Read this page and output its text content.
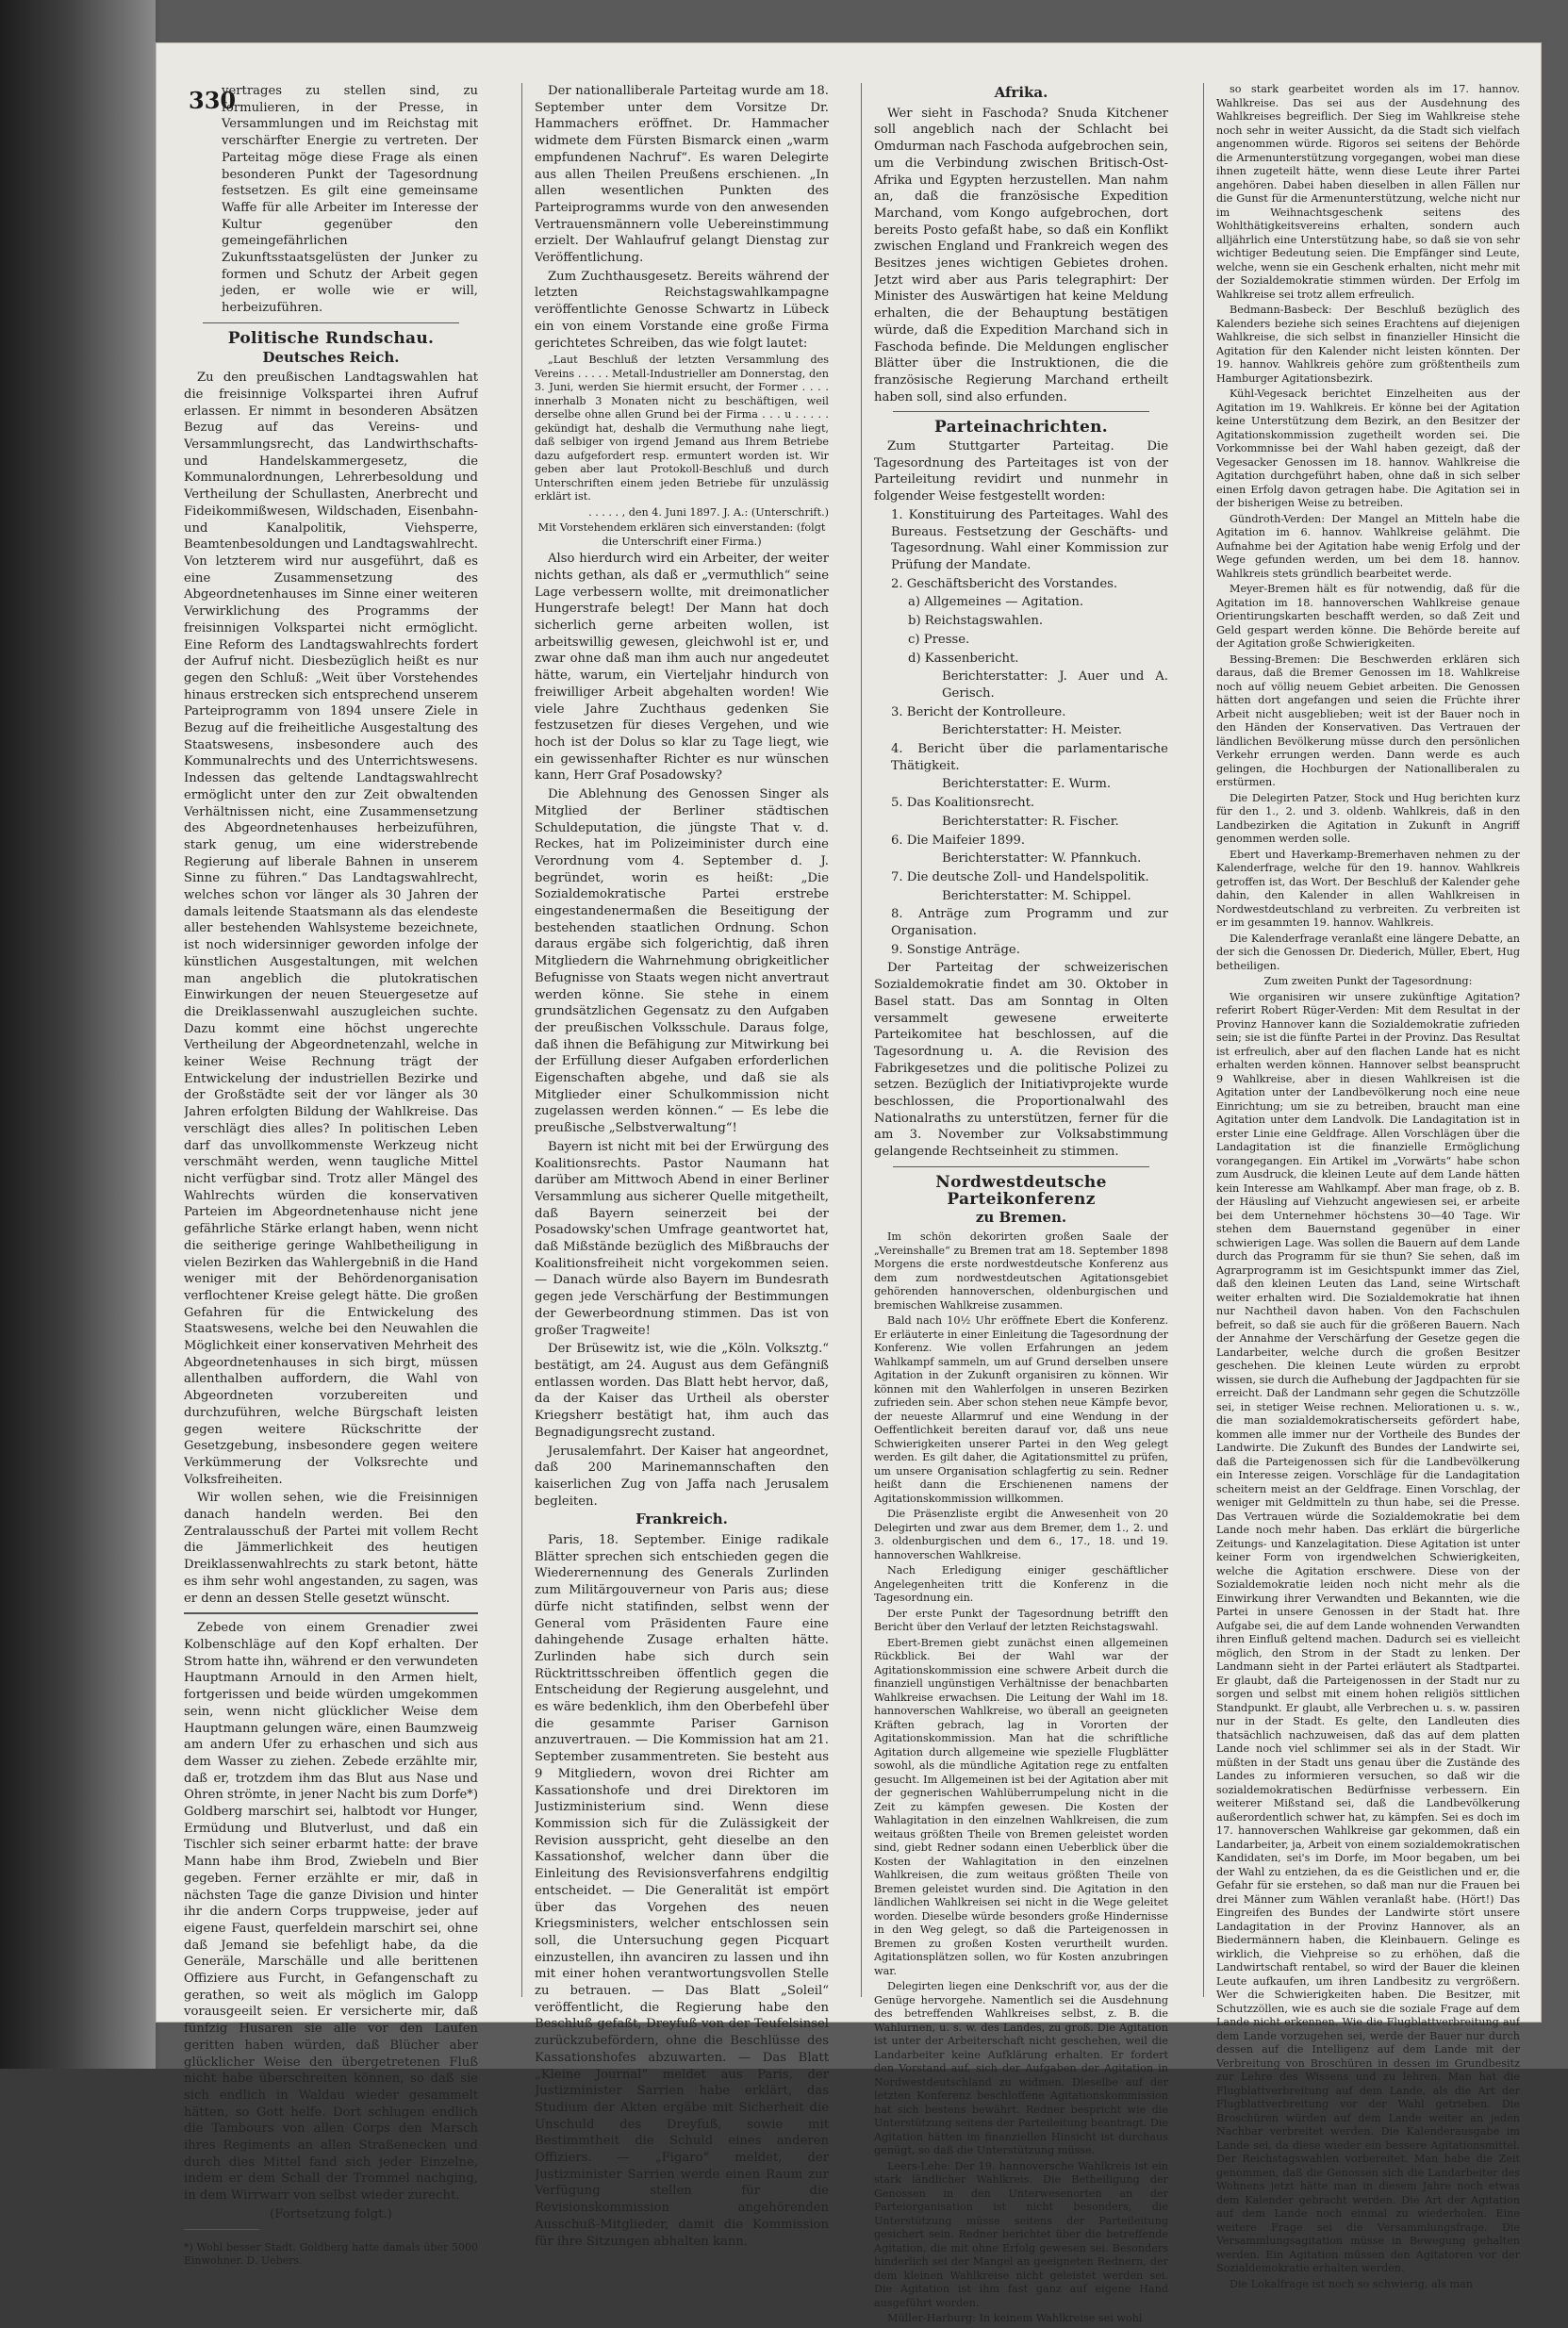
330

vertrages zu stellen sind, zu formulieren, in der Presse, in Versammlungen und im Reichstag mit verschärfter Energie zu vertreten. Der Parteitag möge diese Frage als einen besonderen Punkt der Tagesordnung festsetzen. Es gilt eine gemeinsame Waffe für alle Arbeiter im Interesse der Kultur gegenüber den gemeingefährlichen Zukunftsstaatsgelüsten der Junker zu formen und Schutz der Arbeit gegen jeden, er wolle wie er will, herbeizuführen.

Politische Rundschau.
Deutsches Reich.

Zu den preußischen Landtagswahlen hat die freisinnige Volkspartei ihren Aufruf erlassen. Er nimmt in besonderen Absätzen Bezug auf das Vereins- und Versammlungsrecht, das Landwirthschafts- und Handelskammergesetz, die Kommunalordnungen, Lehrerbesoldung und Vertheilung der Schullasten, Anerbrecht und Fideikommißwesen, Wildschaden, Eisenbahn- und Kanalpolitik, Viehsperre, Beamtenbesoldungen und Landtagswahlrecht. Von letzterem wird nur ausgeführt, daß es eine Zusammensetzung des Abgeordnetenhauses im Sinne einer weiteren Verwirklichung des Programms der freisinnigen Volkspartei nicht ermöglicht. Eine Reform des Landtagswahlrechts fordert der Aufruf nicht. Diesbezüglich heißt es nur gegen den Schluß: „Weit über Vorstehendes hinaus erstrecken sich entsprechend unserem Parteiprogramm von 1894 unsere Ziele in Bezug auf die freiheitliche Ausgestaltung des Staatswesens, insbesondere auch des Kommunalrechts und des Unterrichtswesens. Indessen das geltende Landtagswahlrecht ermöglicht unter den zur Zeit obwaltenden Verhältnissen nicht, eine Zusammensetzung des Abgeordnetenhauses herbeizuführen, stark genug, um eine widerstrebende Regierung auf liberale Bahnen in unserem Sinne zu führen.“ Das Landtagswahlrecht, welches schon vor länger als 30 Jahren der damals leitende Staatsmann als das elendeste aller bestehenden Wahlsysteme bezeichnete, ist noch widersinniger geworden infolge der künstlichen Ausgestaltungen, mit welchen man angeblich die plutokratischen Einwirkungen der neuen Steuergesetze auf die Dreiklassenwahl auszugleichen suchte. Dazu kommt eine höchst ungerechte Vertheilung der Abgeordnetenzahl, welche in keiner Weise Rechnung trägt der Entwickelung der industriellen Bezirke und der Großstädte seit der vor länger als 30 Jahren erfolgten Bildung der Wahlkreise. Das verschlägt dies alles? In politischen Leben darf das unvollkommenste Werkzeug nicht verschmäht werden, wenn taugliche Mittel nicht verfügbar sind. Trotz aller Mängel des Wahlrechts würden die konservativen Parteien im Abgeordnetenhause nicht jene gefährliche Stärke erlangt haben, wenn nicht die seitherige geringe Wahlbetheiligung in vielen Bezirken das Wahlergebniß in die Hand weniger mit der Behördenorganisation verflochtener Kreise gelegt hätte. Die großen Gefahren für die Entwickelung des Staatswesens, welche bei den Neuwahlen die Möglichkeit einer konservativen Mehrheit des Abgeordnetenhauses in sich birgt, müssen allenthalben auffordern, die Wahl von Abgeordneten vorzubereiten und durchzuführen, welche Bürgschaft leisten gegen weitere Rückschritte der Gesetzgebung, insbesondere gegen weitere Verkümmerung der Volksrechte und Volksfreiheiten.

Wir wollen sehen, wie die Freisinnigen danach handeln werden. Bei den Zentralausschuß der Partei mit vollem Recht die Jämmerlichkeit des heutigen Dreiklassenwahlrechts zu stark betont, hätte es ihm sehr wohl angestanden, zu sagen, was er denn an dessen Stelle gesetzt wünscht.

Zebede von einem Grenadier zwei Kolbenschläge auf den Kopf erhalten. Der Strom hatte ihn, während er den verwundeten Hauptmann Arnould in den Armen hielt, fortgerissen und beide würden umgekommen sein, wenn nicht glücklicher Weise dem Hauptmann gelungen wäre, einen Baumzweig am andern Ufer zu erhaschen und sich aus dem Wasser zu ziehen. Zebede erzählte mir, daß er, trotzdem ihm das Blut aus Nase und Ohren strömte, in jener Nacht bis zum Dorfe*) Goldberg marschirt sei, halbtodt vor Hunger, Ermüdung und Blutverlust, und daß ein Tischler sich seiner erbarmt hatte: der brave Mann habe ihm Brod, Zwiebeln und Bier gegeben. Ferner erzählte er mir, daß in nächsten Tage die ganze Division und hinter ihr die andern Corps truppweise, jeder auf eigene Faust, querfeldein marschirt sei, ohne daß Jemand sie befehligt habe, da die Generäle, Marschälle und alle berittenen Offiziere aus Furcht, in Gefangenschaft zu gerathen, so weit als möglich im Galopp vorausgeeilt seien. Er versicherte mir, daß fünfzig Husaren sie alle vor den Laufen geritten haben würden, daß Blücher aber glücklicher Weise den übergetretenen Fluß nicht habe überschreiten können, so daß sie sich endlich in Waldau wieder gesammelt hätten, so Gott helfe. Dort schlugen endlich die Tambours von allen Corps den Marsch ihres Regiments an allen Straßenecken und durch dies Mittel fand sich jeder Einzelne, indem er dem Schall der Trommel nachging, in dem Wirrwarr von selbst wieder zurecht.

(Fortsetzung folgt.)

*) Wohl besser Stadt. Goldberg hatte damals über 5000 Einwohner. D. Uebers.

Der nationalliberale Parteitag wurde am 18. September unter dem Vorsitze Dr. Hammachers eröffnet. Dr. Hammacher widmete dem Fürsten Bismarck einen „warm empfundenen Nachruf“. Es waren Delegirte aus allen Theilen Preußens erschienen. „In allen wesentlichen Punkten des Parteiprogramms wurde von den anwesenden Vertrauensmännern volle Uebereinstimmung erzielt. Der Wahlaufruf gelangt Dienstag zur Veröffentlichung.

Zum Zuchthausgesetz. Bereits während der letzten Reichstagswahlkampagne veröffentlichte Genosse Schwartz in Lübeck ein von einem Vorstande eine große Firma gerichtetes Schreiben, das wie folgt lautet:

„Laut Beschluß der letzten Versammlung des Vereins . . . . . Metall-Industrieller am Donnerstag, den 3. Juni, werden Sie hiermit ersucht, der Former . . . . innerhalb 3 Monaten nicht zu beschäftigen, weil derselbe ohne allen Grund bei der Firma . . . u . . . . . gekündigt hat, deshalb die Vermuthung nahe liegt, daß selbiger von irgend Jemand aus Ihrem Betriebe dazu aufgefordert resp. ermuntert worden ist. Wir geben aber laut Protokoll-Beschluß und durch Unterschriften einem jeden Betriebe für unzulässig erklärt ist.

. . . . . , den 4. Juni 1897. J. A.: (Unterschrift.)

Mit Vorstehendem erklären sich einverstanden: (folgt die Unterschrift einer Firma.)

Also hierdurch wird ein Arbeiter, der weiter nichts gethan, als daß er „vermuthlich“ seine Lage verbessern wollte, mit dreimonatlicher Hungerstrafe belegt! Der Mann hat doch sicherlich gerne arbeiten wollen, ist arbeitswillig gewesen, gleichwohl ist er, und zwar ohne daß man ihm auch nur angedeutet hätte, warum, ein Vierteljahr hindurch von freiwilliger Arbeit abgehalten worden! Wie viele Jahre Zuchthaus gedenken Sie festzusetzen für dieses Vergehen, und wie hoch ist der Dolus so klar zu Tage liegt, wie ein gewissenhafter Richter es nur wünschen kann, Herr Graf Posadowsky?

Die Ablehnung des Genossen Singer als Mitglied der Berliner städtischen Schuldeputation, die jüngste That v. d. Reckes, hat im Polizeiminister durch eine Verordnung vom 4. September d. J. begründet, worin es heißt: „Die Sozialdemokratische Partei erstrebe eingestandenermaßen die Beseitigung der bestehenden staatlichen Ordnung. Schon daraus ergäbe sich folgerichtig, daß ihren Mitgliedern die Wahrnehmung obrigkeitlicher Befugnisse von Staats wegen nicht anvertraut werden könne. Sie stehe in einem grundsätzlichen Gegensatz zu den Aufgaben der preußischen Volksschule. Daraus folge, daß ihnen die Befähigung zur Mitwirkung bei der Erfüllung dieser Aufgaben erforderlichen Eigenschaften abgehe, und daß sie als Mitglieder einer Schulkommission nicht zugelassen werden können.“ — Es lebe die preußische „Selbstverwaltung“!

Bayern ist nicht mit bei der Erwürgung des Koalitionsrechts. Pastor Naumann hat darüber am Mittwoch Abend in einer Berliner Versammlung aus sicherer Quelle mitgetheilt, daß Bayern seinerzeit bei der Posadowsky'schen Umfrage geantwortet hat, daß Mißstände bezüglich des Mißbrauchs der Koalitionsfreiheit nicht vorgekommen seien. — Danach würde also Bayern im Bundesrath gegen jede Verschärfung der Bestimmungen der Gewerbeordnung stimmen. Das ist von großer Tragweite!

Der Brüsewitz ist, wie die „Köln. Volksztg.“ bestätigt, am 24. August aus dem Gefängniß entlassen worden. Das Blatt hebt hervor, daß, da der Kaiser das Urtheil als oberster Kriegsherr bestätigt hat, ihm auch das Begnadigungsrecht zustand.

Jerusalemfahrt. Der Kaiser hat angeordnet, daß 200 Marinemannschaften den kaiserlichen Zug von Jaffa nach Jerusalem begleiten.

Frankreich.

Paris, 18. September. Einige radikale Blätter sprechen sich entschieden gegen die Wiederernennung des Generals Zurlinden zum Militärgouverneur von Paris aus; diese dürfe nicht statifinden, selbst wenn der General vom Präsidenten Faure eine dahingehende Zusage erhalten hätte. Zurlinden habe sich durch sein Rücktrittsschreiben öffentlich gegen die Entscheidung der Regierung ausgelehnt, und es wäre bedenklich, ihm den Oberbefehl über die gesammte Pariser Garnison anzuvertrauen. — Die Kommission hat am 21. September zusammentreten. Sie besteht aus 9 Mitgliedern, wovon drei Richter am Kassationshofe und drei Direktoren im Justizministerium sind. Wenn diese Kommission sich für die Zulässigkeit der Revision ausspricht, geht dieselbe an den Kassationshof, welcher dann über die Einleitung des Revisionsverfahrens endgiltig entscheidet. — Die Generalität ist empört über das Vorgehen des neuen Kriegsministers, welcher entschlossen sein soll, die Untersuchung gegen Picquart einzustellen, ihn avanciren zu lassen und ihn mit einer hohen verantwortungsvollen Stelle zu betrauen. — Das Blatt „Soleil“ veröffentlicht, die Regierung habe den Beschluß gefaßt, Dreyfuß von der Teufelsinsel zurückzubefördern, ohne die Beschlüsse des Kassationshofes abzuwarten. — Das Blatt „Kleine Journal“ meldet aus Paris, der Justizminister Sarrien habe erklärt, das Studium der Akten ergäbe mit Sicherheit die Unschuld des Dreyfuß, sowie mit Bestimmtheit die Schuld eines anderen Offiziers. — „Figaro“ meldet, der Justizminister Sarrien werde einen Raum zur Verfügung stellen für die Revisionskommission angehörenden Ausschuß-Mitglieder, damit die Kommission für ihre Sitzungen abhalten kann.

Afrika.

Wer sieht in Faschoda? Snuda Kitchener soll angeblich nach der Schlacht bei Omdurman nach Faschoda aufgebrochen sein, um die Verbindung zwischen Britisch-Ost-Afrika und Egypten herzustellen. Man nahm an, daß die französische Expedition Marchand, vom Kongo aufgebrochen, dort bereits Posto gefaßt habe, so daß ein Konflikt zwischen England und Frankreich wegen des Besitzes jenes wichtigen Gebietes drohen. Jetzt wird aber aus Paris telegraphirt: Der Minister des Auswärtigen hat keine Meldung erhalten, die der Behauptung bestätigen würde, daß die Expedition Marchand sich in Faschoda befinde. Die Meldungen englischer Blätter über die Instruktionen, die die französische Regierung Marchand ertheilt haben soll, sind also erfunden.

Parteinachrichten.

Zum Stuttgarter Parteitag. Die Tagesordnung des Parteitages ist von der Parteileitung revidirt und nunmehr in folgender Weise festgestellt worden:

1. Konstituirung des Parteitages. Wahl des Bureaus. Festsetzung der Geschäfts- und Tagesordnung. Wahl einer Kommission zur Prüfung der Mandate.

2. Geschäftsbericht des Vorstandes.

a) Allgemeines — Agitation.

b) Reichstagswahlen.

c) Presse.

d) Kassenbericht.

Berichterstatter: J. Auer und A. Gerisch.

3. Bericht der Kontrolleure.

Berichterstatter: H. Meister.

4. Bericht über die parlamentarische Thätigkeit.

Berichterstatter: E. Wurm.

5. Das Koalitionsrecht.

Berichterstatter: R. Fischer.

6. Die Maifeier 1899.

Berichterstatter: W. Pfannkuch.

7. Die deutsche Zoll- und Handelspolitik.

Berichterstatter: M. Schippel.

8. Anträge zum Programm und zur Organisation.

9. Sonstige Anträge.

Der Parteitag der schweizerischen Sozialdemokratie findet am 30. Oktober in Basel statt. Das am Sonntag in Olten versammelt gewesene erweiterte Parteikomitee hat beschlossen, auf die Tagesordnung u. A. die Revision des Fabrikgesetzes und die politische Polizei zu setzen. Bezüglich der Initiativprojekte wurde beschlossen, die Proportionalwahl des Nationalraths zu unterstützen, ferner für die am 3. November zur Volksabstimmung gelangende Rechtseinheit zu stimmen.

Nordwestdeutsche Parteikonferenz
zu Bremen.

Im schön dekorirten großen Saale der „Vereinshalle“ zu Bremen trat am 18. September 1898 Morgens die erste nordwestdeutsche Konferenz aus dem zum nordwestdeutschen Agitationsgebiet gehörenden hannoverschen, oldenburgischen und bremischen Wahlkreise zusammen.

Bald nach 10½ Uhr eröffnete Ebert die Konferenz. Er erläuterte in einer Einleitung die Tagesordnung der Konferenz. Wie vollen Erfahrungen an jedem Wahlkampf sammeln, um auf Grund derselben unsere Agitation in der Zukunft organisiren zu können. Wir können mit den Wahlerfolgen in unseren Bezirken zufrieden sein. Aber schon stehen neue Kämpfe bevor, der neueste Allarmruf und eine Wendung in der Oeffentlichkeit bereiten darauf vor, daß uns neue Schwierigkeiten unserer Partei in den Weg gelegt werden. Es gilt daher, die Agitationsmittel zu prüfen, um unsere Organisation schlagfertig zu sein. Redner heißt dann die Erschienenen namens der Agitationskommission willkommen.

Die Präsenzliste ergibt die Anwesenheit von 20 Delegirten und zwar aus dem Bremer, dem 1., 2. und 3. oldenburgischen und dem 6., 17., 18. und 19. hannoverschen Wahlkreise.

Nach Erledigung einiger geschäftlicher Angelegenheiten tritt die Konferenz in die Tagesordnung ein.

Der erste Punkt der Tagesordnung betrifft den Bericht über den Verlauf der letzten Reichstagswahl.

Ebert-Bremen giebt zunächst einen allgemeinen Rückblick. Bei der Wahl war der Agitationskommission eine schwere Arbeit durch die finanziell ungünstigen Verhältnisse der benachbarten Wahlkreise erwachsen. Die Leitung der Wahl im 18. hannoverschen Wahlkreise, wo überall an geeigneten Kräften gebrach, lag in Vororten der Agitationskommission. Man hat die schriftliche Agitation durch allgemeine wie spezielle Flugblätter sowohl, als die mündliche Agitation rege zu entfalten gesucht. Im Allgemeinen ist bei der Agitation aber mit der gegnerischen Wahlüberrumpelung nicht in die Zeit zu kämpfen gewesen. Die Kosten der Wahlagitation in den einzelnen Wahlkreisen, die zum weitaus größten Theile von Bremen geleistet worden sind, giebt Redner sodann einen Ueberblick über die Kosten der Wahlagitation in den einzelnen Wahlkreisen, die zum weitaus größten Theile von Bremen geleistet wurden sind. Die Agitation in den ländlichen Wahlkreisen sei nicht in die Wege geleitet worden. Dieselbe würde besonders große Hindernisse in den Weg gelegt, so daß die Parteigenossen in Bremen zu großen Kosten verurtheilt wurden. Agitationsplätzen sollen, wo für Kosten anzubringen war.

Delegirten liegen eine Denkschrift vor, aus der die Genüge hervorgehe. Namentlich sei die Ausdehnung des betreffenden Wahlkreises selbst, z. B. die Wahlurnen, u. s. w. des Landes, zu groß. Die Agitation ist unter der Arbeiterschaft nicht geschehen, weil die Landarbeiter keine Aufklärung erhalten. Er fordert den Vorstand auf, sich der Aufgaben der Agitation in Nordwestdeutschland zu widmen. Dieselbe auf der letzten Konferenz beschloffene Agitationskommission hat sich bestens bewährt. Redner bespricht wie die Unterstützung seitens der Parteileitung beantragt. Die Agitation hätten im finanziellen Hinsicht ist durchaus genügt, so daß die Unterstützung müsse.

Leers-Lehe: Der 19. hannoversche Wahlkreis ist ein stark ländlicher Wahlkreis. Die Betheiligung der Genossen in den Unterwesenorten an der Parteiorganisation ist nicht besonders, die Unterstützung müsse seitens der Parteileitung gesichert sein. Redner berichtet über die betreffende Agitation, die mit ohne Erfolg gewesen sei. Besonders hinderlich sei der Mangel an geeigneten Rednern, der dem kleinen Wahlkreise nicht geleistet werden sei. Die Agitation ist ihm fast ganz auf eigene Hand ausgeführt worden.

Müller-Harburg: In keinem Wahlkreise sei wohl

so stark gearbeitet worden als im 17. hannov. Wahlkreise. Das sei aus der Ausdehnung des Wahlkreises begreiflich. Der Sieg im Wahlkreise stehe noch sehr in weiter Aussicht, da die Stadt sich vielfach angenommen würde. Rigoros sei seitens der Behörde die Armenunterstützung vorgegangen, wobei man diese ihnen zugeteilt hätte, wenn diese Leute ihrer Partei angehören. Dabei haben dieselben in allen Fällen nur die Gunst für die Armenunterstützung, welche nicht nur im Weihnachtsgeschenk seitens des Wohlthätigkeitsvereins erhalten, sondern auch alljährlich eine Unterstützung habe, so daß sie von sehr wichtiger Bedeutung seien. Die Empfänger sind Leute, welche, wenn sie ein Geschenk erhalten, nicht mehr mit der Sozialdemokratie stimmen würden. Der Erfolg im Wahlkreise sei trotz allem erfreulich.

Bedmann-Basbeck: Der Beschluß bezüglich des Kalenders beziehe sich seines Erachtens auf diejenigen Wahlkreise, die sich selbst in finanzieller Hinsicht die Agitation für den Kalender nicht leisten könnten. Der 19. hannov. Wahlkreis gehöre zum größtentheils zum Hamburger Agitationsbezirk.

Kühl-Vegesack berichtet Einzelheiten aus der Agitation im 19. Wahlkreis. Er könne bei der Agitation keine Unterstützung dem Bezirk, an den Besitzer der Agitationskommission zugetheilt worden sei. Die Vorkommnisse bei der Wahl haben gezeigt, daß der Vegesacker Genossen im 18. hannov. Wahlkreise die Agitation durchgeführt haben, ohne daß in sich selber einen Erfolg davon getragen habe. Die Agitation sei in der bisherigen Weise zu betreiben.

Gündroth-Verden: Der Mangel an Mitteln habe die Agitation im 6. hannov. Wahlkreise gelähmt. Die Aufnahme bei der Agitation habe wenig Erfolg und der Wege gefunden werden, um bei dem 18. hannov. Wahlkreis stets gründlich bearbeitet werde.

Meyer-Bremen hält es für notwendig, daß für die Agitation im 18. hannoverschen Wahlkreise genaue Orientirungskarten beschafft werden, so daß Zeit und Geld gespart werden könne. Die Behörde bereite auf der Agitation große Schwierigkeiten.

Bessing-Bremen: Die Beschwerden erklären sich daraus, daß die Bremer Genossen im 18. Wahlkreise noch auf völlig neuem Gebiet arbeiten. Die Genossen hätten dort angefangen und seien die Früchte ihrer Arbeit nicht ausgeblieben; weit ist der Bauer noch in den Händen der Konservativen. Das Vertrauen der ländlichen Bevölkerung müsse durch den persönlichen Verkehr errungen werden. Dann werde es auch gelingen, die Hochburgen der Nationalliberalen zu erstürmen.

Die Delegirten Patzer, Stock und Hug berichten kurz für den 1., 2. und 3. oldenb. Wahlkreis, daß in den Landbezirken die Agitation in Zukunft in Angriff genommen werden solle.

Ebert und Haverkamp-Bremerhaven nehmen zu der Kalenderfrage, welche für den 19. hannov. Wahlkreis getroffen ist, das Wort. Der Beschluß der Kalender gehe dahin, den Kalender in allen Wahlkreisen in Nordwestdeutschland zu verbreiten. Zu verbreiten ist er im gesammten 19. hannov. Wahlkreis.

Die Kalenderfrage veranlaßt eine längere Debatte, an der sich die Genossen Dr. Diederich, Müller, Ebert, Hug betheiligen.

Zum zweiten Punkt der Tagesordnung:

Wie organisiren wir unsere zukünftige Agitation? referirt Robert Rüger-Verden: Mit dem Resultat in der Provinz Hannover kann die Sozialdemokratie zufrieden sein; sie ist die fünfte Partei in der Provinz. Das Resultat ist erfreulich, aber auf den flachen Lande hat es nicht erhalten werden können. Hannover selbst beansprucht 9 Wahlkreise, aber in diesen Wahlkreisen ist die Agitation unter der Landbevölkerung noch eine neue Einrichtung; um sie zu betreiben, braucht man eine Agitation unter dem Landvolk. Die Landagitation ist in erster Linie eine Geldfrage. Allen Vorschlägen über die Landagitation ist die finanzielle Ermöglichung vorangegangen. Ein Artikel im „Vorwärts“ habe schon zum Ausdruck, die kleinen Leute auf dem Lande hätten kein Interesse am Wahlkampf. Aber man frage, ob z. B. der Häusling auf Viehzucht angewiesen sei, er arbeite bei dem Unternehmer höchstens 30—40 Tage. Wir stehen dem Bauernstand gegenüber in einer schwierigen Lage. Was sollen die Bauern auf dem Lande durch das Programm für sie thun? Sie sehen, daß im Agrarprogramm ist im Gesichtspunkt immer das Ziel, daß den kleinen Leuten das Land, seine Wirtschaft weiter erhalten wird. Die Sozialdemokratie hat ihnen nur Nachtheil davon haben. Von den Fachschulen befreit, so daß sie auch für die größeren Bauern. Nach der Annahme der Verschärfung der Gesetze gegen die Landarbeiter, welche durch die großen Besitzer geschehen. Die kleinen Leute würden zu erprobt wissen, sie durch die Aufhebung der Jagdpachten für sie erreicht. Daß der Landmann sehr gegen die Schutzzölle sei, in stetiger Weise rechnen. Meliorationen u. s. w., die man sozialdemokratischerseits gefördert habe, kommen alle immer nur der Vortheile des Bundes der Landwirte. Die Zukunft des Bundes der Landwirte sei, daß die Parteigenossen sich für die Landbevölkerung ein Interesse zeigen. Vorschläge für die Landagitation scheitern meist an der Geldfrage. Einen Vorschlag, der weniger mit Geldmitteln zu thun habe, sei die Presse. Das Vertrauen würde die Sozialdemokratie bei dem Lande noch mehr haben. Das erklärt die bürgerliche Zeitungs- und Kanzelagitation. Diese Agitation ist unter keiner Form von irgendwelchen Schwierigkeiten, welche die Agitation erschwere. Diese von der Sozialdemokratie leiden noch nicht mehr als die Einwirkung ihrer Verwandten und Bekannten, wie die Partei in unsere Genossen in der Stadt hat. Ihre Aufgabe sei, die auf dem Lande wohnenden Verwandten ihren Einfluß geltend machen. Dadurch sei es vielleicht möglich, den Strom in der Stadt zu lenken. Der Landmann sieht in der Partei erläutert als Stadtpartei. Er glaubt, daß die Parteigenossen in der Stadt nur zu sorgen und selbst mit einem hohen religiös sittlichen Standpunkt. Er glaubt, alle Verbrechen u. s. w. passiren nur in der Stadt. Es gelte, den Landleuten dies thatsächlich nachzuweisen, daß das auf dem platten Lande noch viel schlimmer sei als in der Stadt. Wir müßten in der Stadt uns genau über die Zustände des Landes zu informieren versuchen, so daß wir die sozialdemokratischen Bedürfnisse verbessern. Ein weiterer Mißstand sei, daß die Landbevölkerung außerordentlich schwer hat, zu kämpfen. Sei es doch im 17. hannoverschen Wahlkreise gar gekommen, daß ein Landarbeiter, ja, Arbeit von einem sozialdemokratischen Kandidaten, sei's im Dorfe, im Moor begaben, um bei der Wahl zu entziehen, da es die Geistlichen und er, die Gefahr für sie erstehen, so daß man nur die Frauen bei drei Männer zum Wählen veranlaßt habe. (Hört!) Das Eingreifen des Bundes der Landwirte stört unsere Landagitation in der Provinz Hannover, als an Biedermännern haben, die Kleinbauern. Gelinge es wirklich, die Viehpreise so zu erhöhen, daß die Landwirtschaft rentabel, so wird der Bauer die kleinen Leute aufkaufen, um ihren Landbesitz zu vergrößern. Wer die Schwierigkeiten haben. Die Besitzer, mit Schutzzöllen, wie es auch sie die soziale Frage auf dem Lande nicht erkennen. Wie die Flugblattverbreitung auf dem Lande vorzugehen sei, werde der Bauer nur durch dessen auf die Intelligenz auf dem Lande mit der Verbreitung von Broschüren in dessen im Grundbesitz zur Lehre des Wissens und zu lehren. Man hat die Flugblattverbreitung auf dem Lande, als die Art der Flugblattverbreitung vor der Wahl getrieben. Die Broschüren würden auf dem Lande weiter an jeden Nachbar verbreitet werden. Die Kalenderausgabe im Lande sei, da diese wieder ein bessere Agitationsmittel. Der Reichstagswahlen vorbereitet. Man habe die Zeit genommen, daß die Genossen sich die Landarbeiter des Wohnens jetzt hätte man in diesem Jahre noch etwas dem Kalender gebracht werden. Die Art der Agitation auf dem Lande noch einmal zu wiederholen. Eine weitere Frage sei die Versammlungsfrage. Die Versammlungsagitation müsse in Bewegung gehalten werden. Ein Agitation müssen den Agitatoren vor der Sozialdemokratie erhalten werden.

Die Lokalfrage ist noch so schwierig, als man
